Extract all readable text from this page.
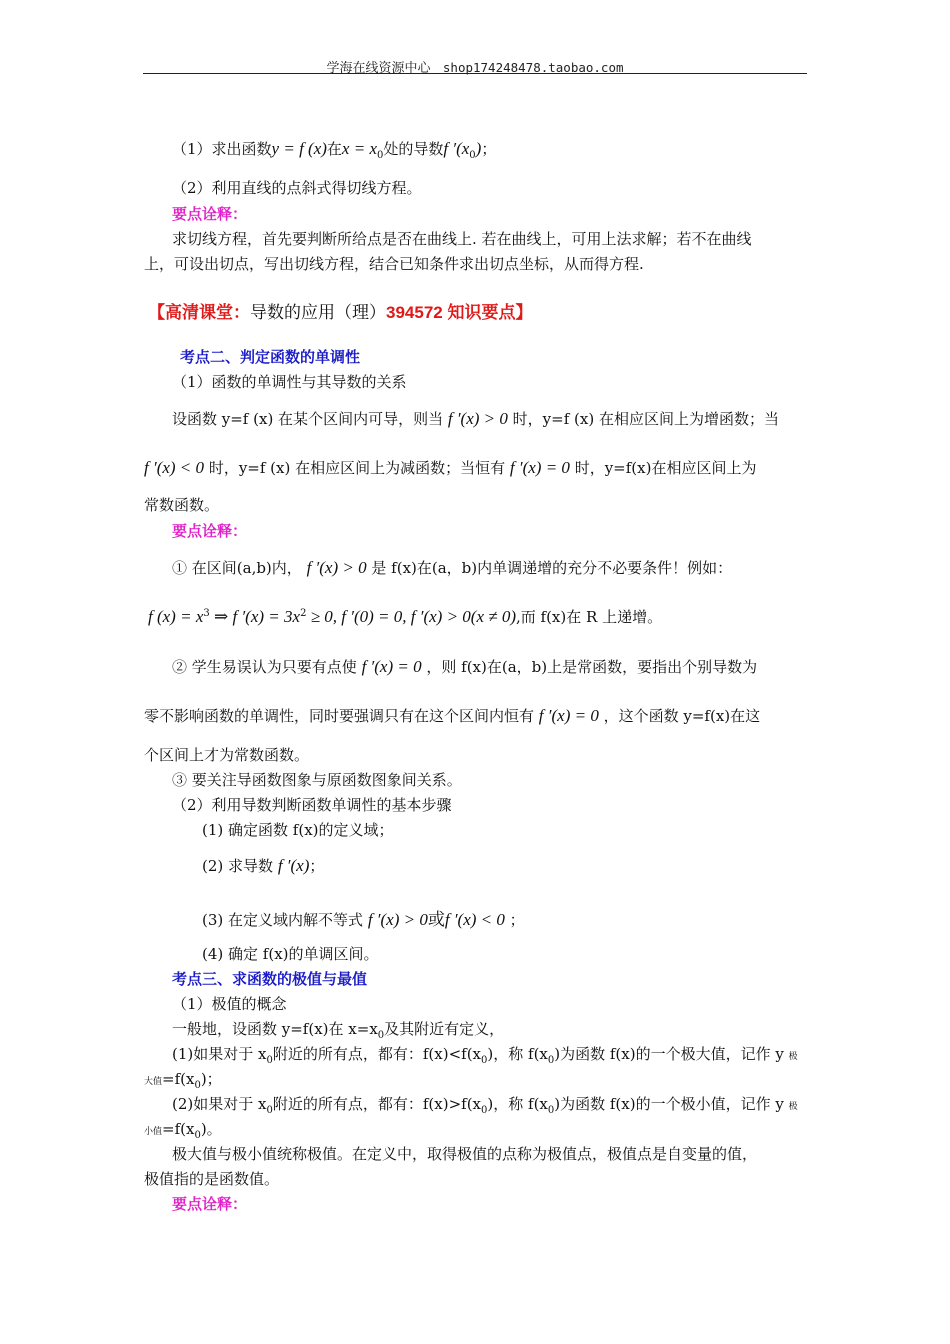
学海在线资源中心 shop174248478.taobao.com
（1）求出函数y = f (x)在$x = x_0$处的导数f $'(x_0)$；
（2）利用直线的点斜式得切线方程。
要点诠释：
求切线方程，首先要判断所给点是否在曲线上. 若在曲线上，可用上法求解；若不在曲线
上，可设出切点，写出切线方程，结合已知条件求出切点坐标，从而得方程.
【高清课堂：导数的应用（理）394572 知识要点】
考点二、判定函数的单调性
（1）函数的单调性与其导数的关系
设函数 y=f (x) 在某个区间内可导，则当 f ′(x) > 0 时，y=f (x) 在相应区间上为增函数；当
f ′(x) < 0 时，y=f (x) 在相应区间上为减函数；当恒有 f ′(x) = 0 时，y=f(x)在相应区间上为
常数函数。
要点诠释：
① 在区间(a,b)内， f ′(x) > 0 是 f(x)在(a，b)内单调递增的充分不必要条件！例如：
f $(x) = x^3$ ⇒ f $'(x) = 3x^2 \ge 0$, f ′(0) = 0, f ′(x) > 0(x ≠ 0),而 f(x)在 R 上递增。
② 学生易误认为只要有点使 f ′(x) = 0 ，则 f(x)在(a，b)上是常函数，要指出个别导数为
零不影响函数的单调性，同时要强调只有在这个区间内恒有 f ′(x) = 0 ，这个函数 y=f(x)在这
个区间上才为常数函数。
③ 要关注导函数图象与原函数图象间关系。
（2）利用导数判断函数单调性的基本步骤
(1) 确定函数 f(x)的定义域；
(2) 求导数 f ′(x)；
(3) 在定义域内解不等式 f ′(x) > 0或f ′(x) < 0 ；
(4) 确定 f(x)的单调区间。
考点三、求函数的极值与最值
（1）极值的概念
一般地，设函数 y=f(x)在 $x=x_0$及其附近有定义，
(1)如果对于 $x_0$附近的所有点，都有：$f(x)<f(x_0)$，称 $f(x_0)$为函数 f(x)的一个极大值，记作 y 极
大值$=f(x_0)$；
(2)如果对于 $x_0$附近的所有点，都有：$f(x)>f(x_0)$，称 $f(x_0)$为函数 f(x)的一个极小值，记作 y 极
小值$=f(x_0)$。
极大值与极小值统称极值。在定义中，取得极值的点称为极值点，极值点是自变量的值，
极值指的是函数值。
要点诠释：
